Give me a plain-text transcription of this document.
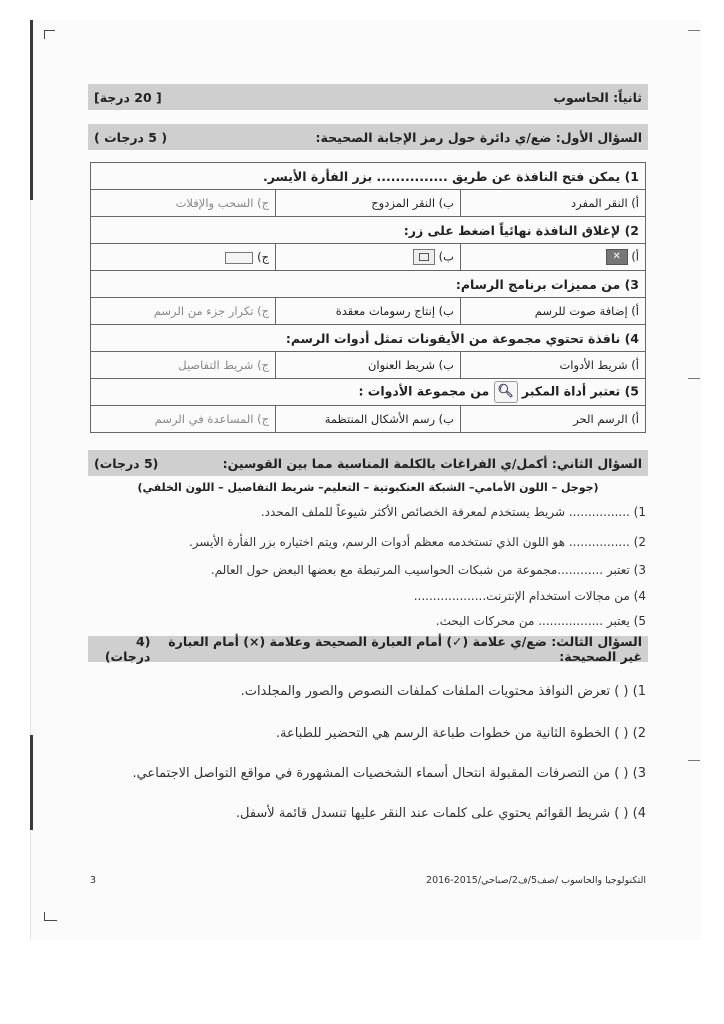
ثانياً: الحاسوب
[ 20 درجة]
السؤال الأول: ضع/ي دائرة حول رمز الإجابة الصحيحة:
( 5 درجات )
1) يمكن فتح النافذة عن طريق ............... بزر الفأرة الأيسر.		
أ) النقر المفرد	ب) النقر المزدوج	ج) السحب والإفلات
2) لإغلاق النافذة نهائياً اضغط على زر:		
أ) ✕	ب)	ج)
3) من مميزات برنامج الرسام:		
أ) إضافة صوت للرسم	ب) إنتاج رسومات معقدة	ج) تكرار جزء من الرسم
4) نافذة تحتوي مجموعة من الأيقونات تمثل أدوات الرسم:		
أ) شريط الأدوات	ب) شريط العنوان	ج) شريط التفاصيل
5) تعتبر أداة المكبر 🔍︎ من مجموعة الأدوات :		
أ) الرسم الحر	ب) رسم الأشكال المنتظمة	ج) المساعدة في الرسم
السؤال الثاني: أكمل/ي الفراغات بالكلمة المناسبة مما بين القوسين:
(5 درجات)
(جوجل – اللون الأمامي– الشبكة العنكبوتية – التعليم– شريط التفاصيل – اللون الخلفي)
1) ................ شريط يستخدم لمعرفة الخصائص الأكثر شيوعاً للملف المحدد.
2) ................ هو اللون الذي تستخدمه معظم أدوات الرسم، ويتم اختياره بزر الفأرة الأيسر.
3) تعتبر ............مجموعة من شبكات الحواسيب المرتبطة مع بعضها البعض حول العالم.
4) من مجالات استخدام الإنترنت...................
5) يعتبر ................. من محركات البحث.
السؤال الثالث: ضع/ي علامة (✓) أمام العبارة الصحيحة وعلامة (×) أمام العبارة غير الصحيحة:
(4 درجات)
1) ( ) تعرض النوافذ محتويات الملفات كملفات النصوص والصور والمجلدات.
2) ( ) الخطوة الثانية من خطوات طباعة الرسم هي التحضير للطباعة.
3) ( ) من التصرفات المقبولة انتحال أسماء الشخصيات المشهورة في مواقع التواصل الاجتماعي.
4) ( ) شريط القوائم يحتوي على كلمات عند النقر عليها تنسدل قائمة لأسفل.
3	التكنولوجيا والحاسوب /صف5/ف2/صباحي/2015-2016
